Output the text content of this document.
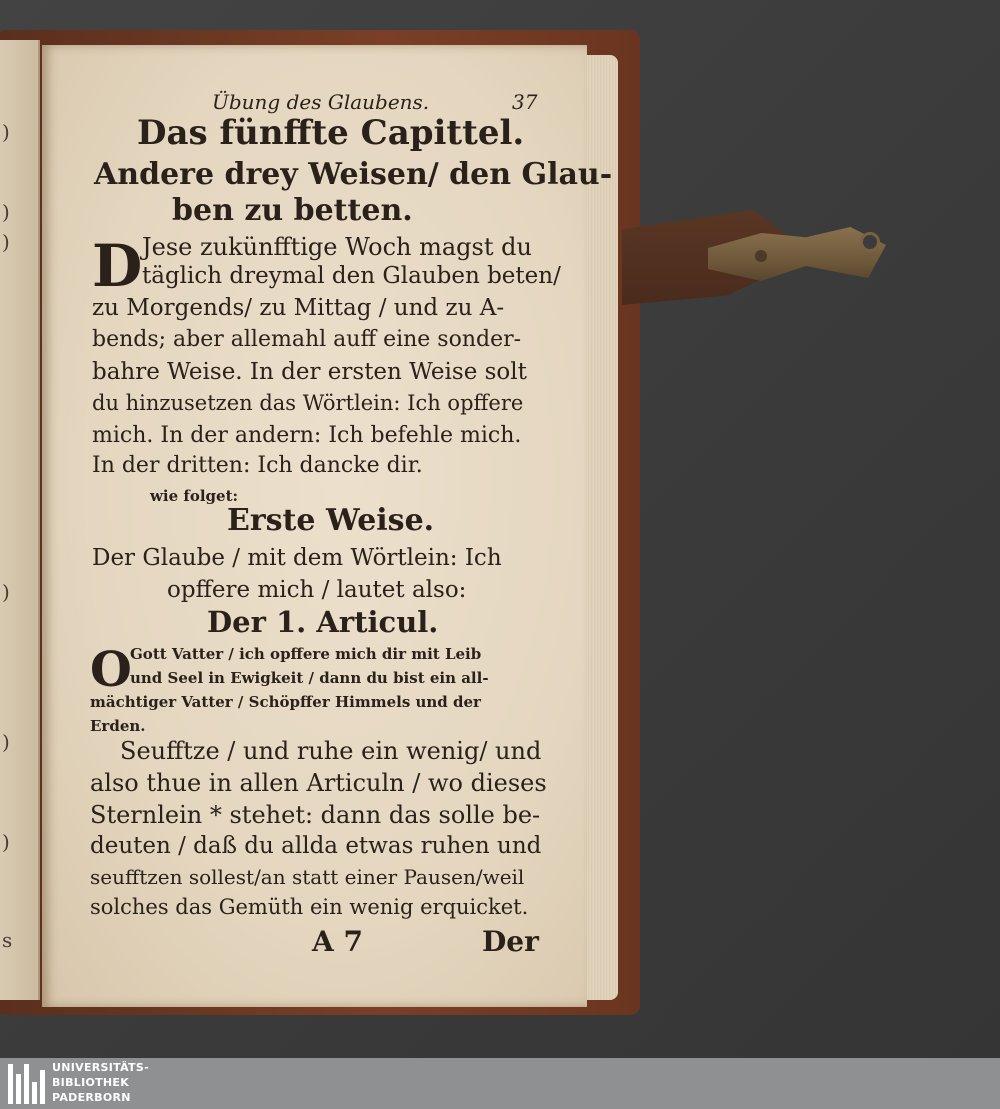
)
)
)
)
)
)
s
Übung des Glaubens.	37
Das fünffte Capittel.
Andere drey Weisen/ den Glau-
ben zu betten.
D Jese zukünfftige Woch magst du
täglich dreymal den Glauben beten/
zu Morgends/ zu Mittag / und zu A-
bends; aber allemahl auff eine sonder-
bahre Weise. In der ersten Weise solt
du hinzusetzen das Wörtlein: Ich opffere
mich. In der andern: Ich befehle mich.
In der dritten: Ich dancke dir.
wie folget:
Erste Weise.
Der Glaube / mit dem Wörtlein: Ich
opffere mich / lautet also:
Der 1. Articul.
O
Gott Vatter / ich opffere mich dir mit Leib
und Seel in Ewigkeit / dann du bist ein all-
mächtiger Vatter / Schöpffer Himmels und der
Erden.
Seufftze / und ruhe ein wenig/ und
also thue in allen Articuln / wo dieses
Sternlein * stehet: dann das solle be-
deuten / daß du allda etwas ruhen und
seufftzen sollest/an statt einer Pausen/weil
solches das Gemüth ein wenig erquicket.
A 7	Der
UNIVERSITÄTS-
BIBLIOTHEK
PADERBORN
